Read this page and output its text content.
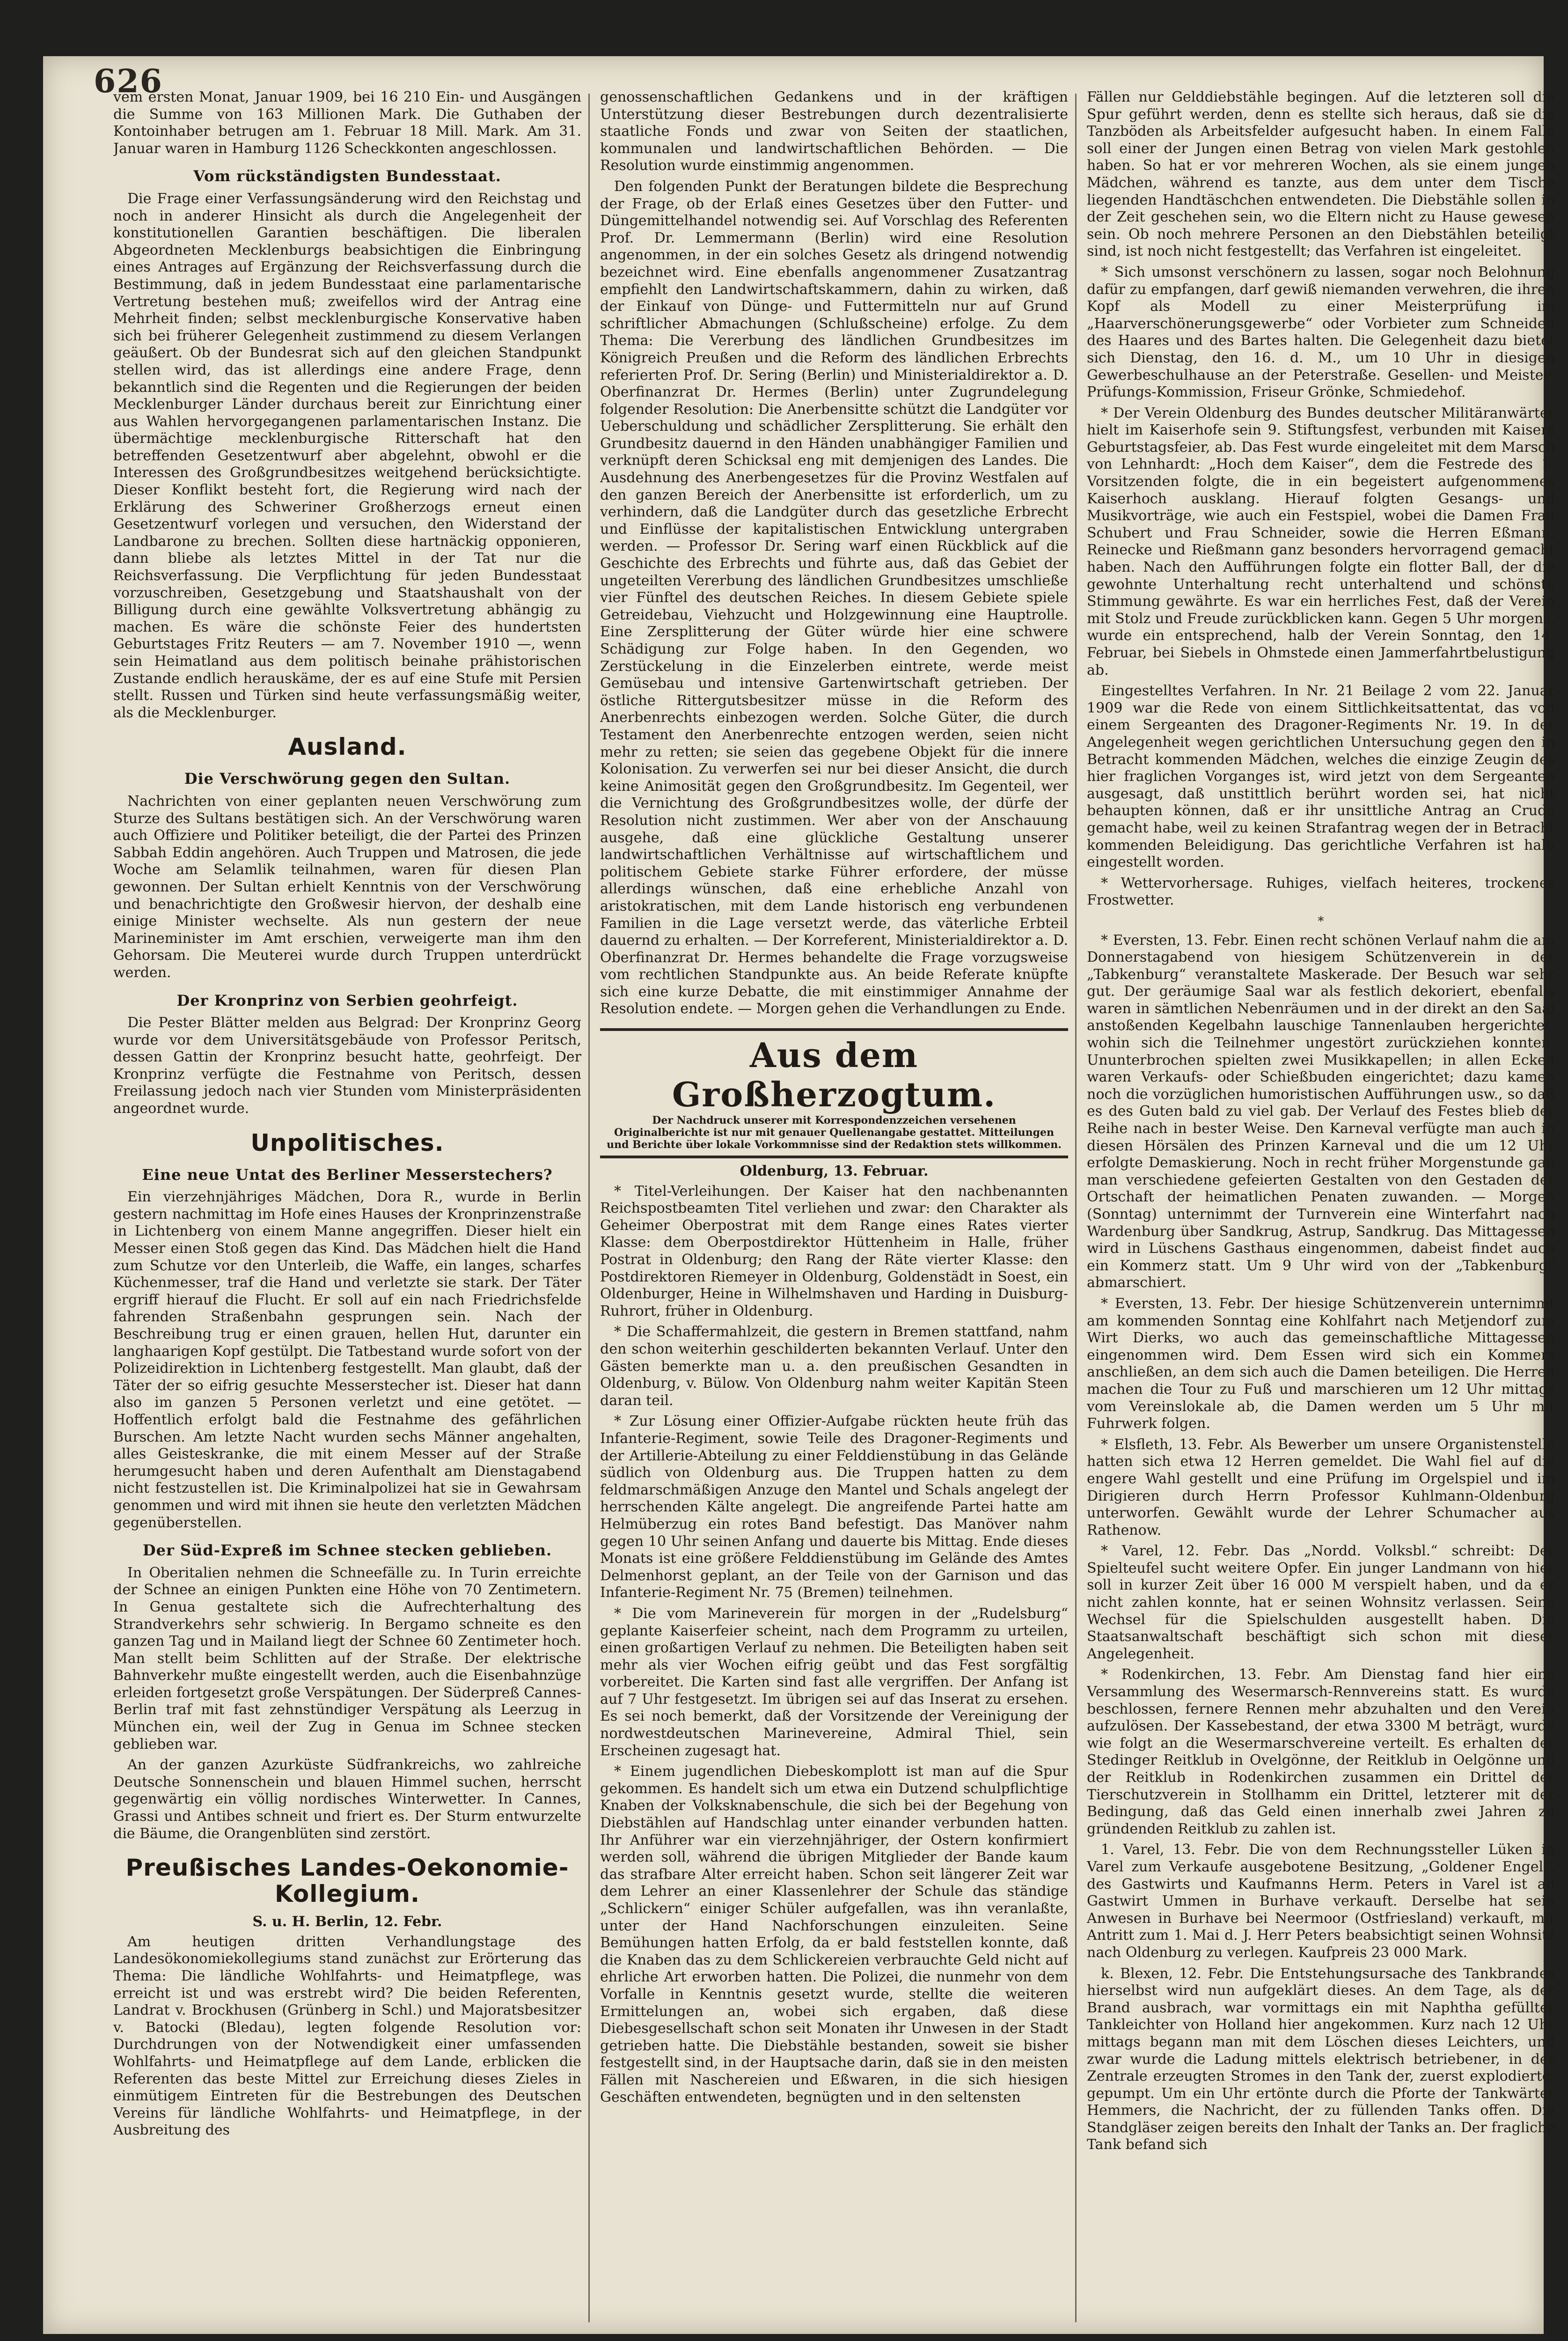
626

vem ersten Monat, Januar 1909, bei 16 210 Ein- und Ausgängen die Summe von 163 Millionen Mark. Die Guthaben der Kontoinhaber betrugen am 1. Februar 18 Mill. Mark. Am 31. Januar waren in Hamburg 1126 Scheckkonten angeschlossen.

Vom rückständigsten Bundesstaat.

Die Frage einer Verfassungsänderung wird den Reichstag und noch in anderer Hinsicht als durch die Angelegenheit der konstitutionellen Garantien beschäftigen. Die liberalen Abgeordneten Mecklenburgs beabsichtigen die Einbringung eines Antrages auf Ergänzung der Reichsverfassung durch die Bestimmung, daß in jedem Bundesstaat eine parlamentarische Vertretung bestehen muß; zweifellos wird der Antrag eine Mehrheit finden; selbst mecklenburgische Konservative haben sich bei früherer Gelegenheit zustimmend zu diesem Verlangen geäußert. Ob der Bundesrat sich auf den gleichen Standpunkt stellen wird, das ist allerdings eine andere Frage, denn bekanntlich sind die Regenten und die Regierungen der beiden Mecklenburger Länder durchaus bereit zur Einrichtung einer aus Wahlen hervorgegangenen parlamentarischen Instanz. Die übermächtige mecklenburgische Ritterschaft hat den betreffenden Gesetzentwurf aber abgelehnt, obwohl er die Interessen des Großgrundbesitzes weitgehend berücksichtigte. Dieser Konflikt besteht fort, die Regierung wird nach der Erklärung des Schweriner Großherzogs erneut einen Gesetzentwurf vorlegen und versuchen, den Widerstand der Landbarone zu brechen. Sollten diese hartnäckig opponieren, dann bliebe als letztes Mittel in der Tat nur die Reichsverfassung. Die Verpflichtung für jeden Bundesstaat vorzuschreiben, Gesetzgebung und Staatshaushalt von der Billigung durch eine gewählte Volksvertretung abhängig zu machen. Es wäre die schönste Feier des hundertsten Geburtstages Fritz Reuters — am 7. November 1910 —, wenn sein Heimatland aus dem politisch beinahe prähistorischen Zustande endlich herauskäme, der es auf eine Stufe mit Persien stellt. Russen und Türken sind heute verfassungsmäßig weiter, als die Mecklenburger.

Ausland.
Die Verschwörung gegen den Sultan.

Nachrichten von einer geplanten neuen Verschwörung zum Sturze des Sultans bestätigen sich. An der Verschwörung waren auch Offiziere und Politiker beteiligt, die der Partei des Prinzen Sabbah Eddin angehören. Auch Truppen und Matrosen, die jede Woche am Selamlik teilnahmen, waren für diesen Plan gewonnen. Der Sultan erhielt Kenntnis von der Verschwörung und benachrichtigte den Großwesir hiervon, der deshalb eine einige Minister wechselte. Als nun gestern der neue Marineminister im Amt erschien, verweigerte man ihm den Gehorsam. Die Meuterei wurde durch Truppen unterdrückt werden.

Der Kronprinz von Serbien geohrfeigt.

Die Pester Blätter melden aus Belgrad: Der Kronprinz Georg wurde vor dem Universitätsgebäude von Professor Peritsch, dessen Gattin der Kronprinz besucht hatte, geohrfeigt. Der Kronprinz verfügte die Festnahme von Peritsch, dessen Freilassung jedoch nach vier Stunden vom Ministerpräsidenten angeordnet wurde.

Unpolitisches.
Eine neue Untat des Berliner Messerstechers?

Ein vierzehnjähriges Mädchen, Dora R., wurde in Berlin gestern nachmittag im Hofe eines Hauses der Kronprinzenstraße in Lichtenberg von einem Manne angegriffen. Dieser hielt ein Messer einen Stoß gegen das Kind. Das Mädchen hielt die Hand zum Schutze vor den Unterleib, die Waffe, ein langes, scharfes Küchenmesser, traf die Hand und verletzte sie stark. Der Täter ergriff hierauf die Flucht. Er soll auf ein nach Friedrichsfelde fahrenden Straßenbahn gesprungen sein. Nach der Beschreibung trug er einen grauen, hellen Hut, darunter ein langhaarigen Kopf gestülpt. Die Tatbestand wurde sofort von der Polizeidirektion in Lichtenberg festgestellt. Man glaubt, daß der Täter der so eifrig gesuchte Messerstecher ist. Dieser hat dann also im ganzen 5 Personen verletzt und eine getötet. — Hoffentlich erfolgt bald die Festnahme des gefährlichen Burschen. Am letzte Nacht wurden sechs Männer angehalten, alles Geisteskranke, die mit einem Messer auf der Straße herumgesucht haben und deren Aufenthalt am Dienstagabend nicht festzustellen ist. Die Kriminalpolizei hat sie in Gewahrsam genommen und wird mit ihnen sie heute den verletzten Mädchen gegenüberstellen.

Der Süd-Expreß im Schnee stecken geblieben.

In Oberitalien nehmen die Schneefälle zu. In Turin erreichte der Schnee an einigen Punkten eine Höhe von 70 Zentimetern. In Genua gestaltete sich die Aufrechterhaltung des Strandverkehrs sehr schwierig. In Bergamo schneite es den ganzen Tag und in Mailand liegt der Schnee 60 Zentimeter hoch. Man stellt beim Schlitten auf der Straße. Der elektrische Bahnverkehr mußte eingestellt werden, auch die Eisenbahnzüge erleiden fortgesetzt große Verspätungen. Der Süderpreß Cannes-Berlin traf mit fast zehnstündiger Verspätung als Leerzug in München ein, weil der Zug in Genua im Schnee stecken geblieben war.

An der ganzen Azurküste Südfrankreichs, wo zahlreiche Deutsche Sonnenschein und blauen Himmel suchen, herrscht gegenwärtig ein völlig nordisches Winterwetter. In Cannes, Grassi und Antibes schneit und friert es. Der Sturm entwurzelte die Bäume, die Orangenblüten sind zerstört.

Preußisches Landes-Oekonomie-Kollegium.
S. u. H. Berlin, 12. Febr.

Am heutigen dritten Verhandlungstage des Landesökonomiekollegiums stand zunächst zur Erörterung das Thema: Die ländliche Wohlfahrts- und Heimatpflege, was erreicht ist und was erstrebt wird? Die beiden Referenten, Landrat v. Brockhusen (Grünberg in Schl.) und Majoratsbesitzer v. Batocki (Bledau), legten folgende Resolution vor: Durchdrungen von der Notwendigkeit einer umfassenden Wohlfahrts- und Heimatpflege auf dem Lande, erblicken die Referenten das beste Mittel zur Erreichung dieses Zieles in einmütigem Eintreten für die Bestrebungen des Deutschen Vereins für ländliche Wohlfahrts- und Heimatpflege, in der Ausbreitung des

genossenschaftlichen Gedankens und in der kräftigen Unterstützung dieser Bestrebungen durch dezentralisierte staatliche Fonds und zwar von Seiten der staatlichen, kommunalen und landwirtschaftlichen Behörden. — Die Resolution wurde einstimmig angenommen.

Den folgenden Punkt der Beratungen bildete die Besprechung der Frage, ob der Erlaß eines Gesetzes über den Futter- und Düngemittelhandel notwendig sei. Auf Vorschlag des Referenten Prof. Dr. Lemmermann (Berlin) wird eine Resolution angenommen, in der ein solches Gesetz als dringend notwendig bezeichnet wird. Eine ebenfalls angenommener Zusatzantrag empfiehlt den Landwirtschaftskammern, dahin zu wirken, daß der Einkauf von Dünge- und Futtermitteln nur auf Grund schriftlicher Abmachungen (Schlußscheine) erfolge. Zu dem Thema: Die Vererbung des ländlichen Grundbesitzes im Königreich Preußen und die Reform des ländlichen Erbrechts referierten Prof. Dr. Sering (Berlin) und Ministerialdirektor a. D. Oberfinanzrat Dr. Hermes (Berlin) unter Zugrundelegung folgender Resolution: Die Anerbensitte schützt die Landgüter vor Ueberschuldung und schädlicher Zersplitterung. Sie erhält den Grundbesitz dauernd in den Händen unabhängiger Familien und verknüpft deren Schicksal eng mit demjenigen des Landes. Die Ausdehnung des Anerbengesetzes für die Provinz Westfalen auf den ganzen Bereich der Anerbensitte ist erforderlich, um zu verhindern, daß die Landgüter durch das gesetzliche Erbrecht und Einflüsse der kapitalistischen Entwicklung untergraben werden. — Professor Dr. Sering warf einen Rückblick auf die Geschichte des Erbrechts und führte aus, daß das Gebiet der ungeteilten Vererbung des ländlichen Grundbesitzes umschließe vier Fünftel des deutschen Reiches. In diesem Gebiete spiele Getreidebau, Viehzucht und Holzgewinnung eine Hauptrolle. Eine Zersplitterung der Güter würde hier eine schwere Schädigung zur Folge haben. In den Gegenden, wo Zerstückelung in die Einzelerben eintrete, werde meist Gemüsebau und intensive Gartenwirtschaft getrieben. Der östliche Rittergutsbesitzer müsse in die Reform des Anerbenrechts einbezogen werden. Solche Güter, die durch Testament den Anerbenrechte entzogen werden, seien nicht mehr zu retten; sie seien das gegebene Objekt für die innere Kolonisation. Zu verwerfen sei nur bei dieser Ansicht, die durch keine Animosität gegen den Großgrundbesitz. Im Gegenteil, wer die Vernichtung des Großgrundbesitzes wolle, der dürfe der Resolution nicht zustimmen. Wer aber von der Anschauung ausgehe, daß eine glückliche Gestaltung unserer landwirtschaftlichen Verhältnisse auf wirtschaftlichem und politischem Gebiete starke Führer erfordere, der müsse allerdings wünschen, daß eine erhebliche Anzahl von aristokratischen, mit dem Lande historisch eng verbundenen Familien in die Lage versetzt werde, das väterliche Erbteil dauernd zu erhalten. — Der Korreferent, Ministerialdirektor a. D. Oberfinanzrat Dr. Hermes behandelte die Frage vorzugsweise vom rechtlichen Standpunkte aus. An beide Referate knüpfte sich eine kurze Debatte, die mit einstimmiger Annahme der Resolution endete. — Morgen gehen die Verhandlungen zu Ende.

Aus dem Großherzogtum.
Der Nachdruck unserer mit Korrespondenzzeichen versehenen Originalberichte ist nur mit genauer Quellenangabe gestattet. Mitteilungen und Berichte über lokale Vorkommnisse sind der Redaktion stets willkommen.
Oldenburg, 13. Februar.

* Titel-Verleihungen. Der Kaiser hat den nachbenannten Reichspostbeamten Titel verliehen und zwar: den Charakter als Geheimer Oberpostrat mit dem Range eines Rates vierter Klasse: dem Oberpostdirektor Hüttenheim in Halle, früher Postrat in Oldenburg; den Rang der Räte vierter Klasse: den Postdirektoren Riemeyer in Oldenburg, Goldenstädt in Soest, ein Oldenburger, Heine in Wilhelmshaven und Harding in Duisburg-Ruhrort, früher in Oldenburg.

* Die Schaffermahlzeit, die gestern in Bremen stattfand, nahm den schon weiterhin geschilderten bekannten Verlauf. Unter den Gästen bemerkte man u. a. den preußischen Gesandten in Oldenburg, v. Bülow. Von Oldenburg nahm weiter Kapitän Steen daran teil.

* Zur Lösung einer Offizier-Aufgabe rückten heute früh das Infanterie-Regiment, sowie Teile des Dragoner-Regiments und der Artillerie-Abteilung zu einer Felddienstübung in das Gelände südlich von Oldenburg aus. Die Truppen hatten zu dem feldmarschmäßigen Anzuge den Mantel und Schals angelegt der herrschenden Kälte angelegt. Die angreifende Partei hatte am Helmüberzug ein rotes Band befestigt. Das Manöver nahm gegen 10 Uhr seinen Anfang und dauerte bis Mittag. Ende dieses Monats ist eine größere Felddienstübung im Gelände des Amtes Delmenhorst geplant, an der Teile von der Garnison und das Infanterie-Regiment Nr. 75 (Bremen) teilnehmen.

* Die vom Marineverein für morgen in der „Rudelsburg“ geplante Kaiserfeier scheint, nach dem Programm zu urteilen, einen großartigen Verlauf zu nehmen. Die Beteiligten haben seit mehr als vier Wochen eifrig geübt und das Fest sorgfältig vorbereitet. Die Karten sind fast alle vergriffen. Der Anfang ist auf 7 Uhr festgesetzt. Im übrigen sei auf das Inserat zu ersehen. Es sei noch bemerkt, daß der Vorsitzende der Vereinigung der nordwestdeutschen Marinevereine, Admiral Thiel, sein Erscheinen zugesagt hat.

* Einem jugendlichen Diebeskomplott ist man auf die Spur gekommen. Es handelt sich um etwa ein Dutzend schulpflichtige Knaben der Volksknabenschule, die sich bei der Begehung von Diebstählen auf Handschlag unter einander verbunden hatten. Ihr Anführer war ein vierzehnjähriger, der Ostern konfirmiert werden soll, während die übrigen Mitglieder der Bande kaum das strafbare Alter erreicht haben. Schon seit längerer Zeit war dem Lehrer an einer Klassenlehrer der Schule das ständige „Schlickern“ einiger Schüler aufgefallen, was ihn veranlaßte, unter der Hand Nachforschungen einzuleiten. Seine Bemühungen hatten Erfolg, da er bald feststellen konnte, daß die Knaben das zu dem Schlickereien verbrauchte Geld nicht auf ehrliche Art erworben hatten. Die Polizei, die nunmehr von dem Vorfalle in Kenntnis gesetzt wurde, stellte die weiteren Ermittelungen an, wobei sich ergaben, daß diese Diebesgesellschaft schon seit Monaten ihr Unwesen in der Stadt getrieben hatte. Die Diebstähle bestanden, soweit sie bisher festgestellt sind, in der Hauptsache darin, daß sie in den meisten Fällen mit Naschereien und Eßwaren, in die sich hiesigen Geschäften entwendeten, begnügten und in den seltensten

Fällen nur Gelddiebstähle begingen. Auf die letzteren soll die Spur geführt werden, denn es stellte sich heraus, daß sie die Tanzböden als Arbeitsfelder aufgesucht haben. In einem Falle soll einer der Jungen einen Betrag von vielen Mark gestohlen haben. So hat er vor mehreren Wochen, als sie einem jungen Mädchen, während es tanzte, aus dem unter dem Tische liegenden Handtäschchen entwendeten. Die Diebstähle sollen in der Zeit geschehen sein, wo die Eltern nicht zu Hause gewesen sein. Ob noch mehrere Personen an den Diebstählen beteiligt sind, ist noch nicht festgestellt; das Verfahren ist eingeleitet.

* Sich umsonst verschönern zu lassen, sogar noch Belohnung dafür zu empfangen, darf gewiß niemanden verwehren, die ihren Kopf als Modell zu einer Meisterprüfung im „Haarverschönerungsgewerbe“ oder Vorbieter zum Schneiden des Haares und des Bartes halten. Die Gelegenheit dazu bietet sich Dienstag, den 16. d. M., um 10 Uhr in diesigen Gewerbeschulhause an der Peterstraße. Gesellen- und Meister-Prüfungs-Kommission, Friseur Grönke, Schmiedehof.

* Der Verein Oldenburg des Bundes deutscher Militäranwärter hielt im Kaiserhofe sein 9. Stiftungsfest, verbunden mit Kaisers Geburtstagsfeier, ab. Das Fest wurde eingeleitet mit dem Marsch von Lehnhardt: „Hoch dem Kaiser“, dem die Festrede des 1. Vorsitzenden folgte, die in ein begeistert aufgenommenes Kaiserhoch ausklang. Hierauf folgten Gesangs- und Musikvorträge, wie auch ein Festspiel, wobei die Damen Frau Schubert und Frau Schneider, sowie die Herren Eßmann, Reinecke und Rießmann ganz besonders hervorragend gemacht haben. Nach den Aufführungen folgte ein flotter Ball, der die gewohnte Unterhaltung recht unterhaltend und schönste Stimmung gewährte. Es war ein herrliches Fest, daß der Verein mit Stolz und Freude zurückblicken kann. Gegen 5 Uhr morgens, wurde ein entsprechend, halb der Verein Sonntag, den 14. Februar, bei Siebels in Ohmstede einen Jammerfahrtbelustigung ab.

Eingestelltes Verfahren. In Nr. 21 Beilage 2 vom 22. Januar 1909 war die Rede von einem Sittlichkeitsattentat, das von einem Sergeanten des Dragoner-Regiments Nr. 19. In der Angelegenheit wegen gerichtlichen Untersuchung gegen den in Betracht kommenden Mädchen, welches die einzige Zeugin des hier fraglichen Vorganges ist, wird jetzt von dem Sergeanten ausgesagt, daß unstittlich berührt worden sei, hat nicht behaupten können, daß er ihr unsittliche Antrag an Crude gemacht habe, weil zu keinen Strafantrag wegen der in Betracht kommenden Beleidigung. Das gerichtliche Verfahren ist halb eingestellt worden.

* Wettervorhersage. Ruhiges, vielfach heiteres, trockenes Frostwetter.

*

* Eversten, 13. Febr. Einen recht schönen Verlauf nahm die am Donnerstagabend von hiesigem Schützenverein in der „Tabkenburg“ veranstaltete Maskerade. Der Besuch war sehr gut. Der geräumige Saal war als festlich dekoriert, ebenfalls waren in sämtlichen Nebenräumen und in der direkt an den Saal anstoßenden Kegelbahn lauschige Tannenlauben hergerichtet, wohin sich die Teilnehmer ungestört zurückziehen konnten. Ununterbrochen spielten zwei Musikkapellen; in allen Ecken waren Verkaufs- oder Schießbuden eingerichtet; dazu kamen noch die vorzüglichen humoristischen Aufführungen usw., so daß es des Guten bald zu viel gab. Der Verlauf des Festes blieb der Reihe nach in bester Weise. Den Karneval verfügte man auch in diesen Hörsälen des Prinzen Karneval und die um 12 Uhr erfolgte Demaskierung. Noch in recht früher Morgenstunde gab man verschiedene gefeierten Gestalten von den Gestaden der Ortschaft der heimatlichen Penaten zuwanden. — Morgen (Sonntag) unternimmt der Turnverein eine Winterfahrt nach Wardenburg über Sandkrug, Astrup, Sandkrug. Das Mittagessen wird in Lüschens Gasthaus eingenommen, dabeist findet auch ein Kommerz statt. Um 9 Uhr wird von der „Tabkenburg“ abmarschiert.

* Eversten, 13. Febr. Der hiesige Schützenverein unternimmt am kommenden Sonntag eine Kohlfahrt nach Metjendorf zum Wirt Dierks, wo auch das gemeinschaftliche Mittagessen eingenommen wird. Dem Essen wird sich ein Kommers anschließen, an dem sich auch die Damen beteiligen. Die Herren machen die Tour zu Fuß und marschieren um 12 Uhr mittags vom Vereinslokale ab, die Damen werden um 5 Uhr mit Fuhrwerk folgen.

* Elsfleth, 13. Febr. Als Bewerber um unsere Organistenstelle hatten sich etwa 12 Herren gemeldet. Die Wahl fiel auf die engere Wahl gestellt und eine Prüfung im Orgelspiel und im Dirigieren durch Herrn Professor Kuhlmann-Oldenburg unterworfen. Gewählt wurde der Lehrer Schumacher aus Rathenow.

* Varel, 12. Febr. Das „Nordd. Volksbl.“ schreibt: Der Spielteufel sucht weitere Opfer. Ein junger Landmann von hier soll in kurzer Zeit über 16 000 M verspielt haben, und da er nicht zahlen konnte, hat er seinen Wohnsitz verlassen. Seine Wechsel für die Spielschulden ausgestellt haben. Die Staatsanwaltschaft beschäftigt sich schon mit dieser Angelegenheit.

* Rodenkirchen, 13. Febr. Am Dienstag fand hier eine Versammlung des Wesermarsch-Rennvereins statt. Es wurde beschlossen, fernere Rennen mehr abzuhalten und den Verein aufzulösen. Der Kassebestand, der etwa 3300 M beträgt, wurde wie folgt an die Wesermarschvereine verteilt. Es erhalten der Stedinger Reitklub in Ovelgönne, der Reitklub in Oelgönne und der Reitklub in Rodenkirchen zusammen ein Drittel der Tierschutzverein in Stollhamm ein Drittel, letzterer mit der Bedingung, daß das Geld einen innerhalb zwei Jahren zu gründenden Reitklub zu zahlen ist.

1. Varel, 13. Febr. Die von dem Rechnungssteller Lüken in Varel zum Verkaufe ausgebotene Besitzung, „Goldener Engel“, des Gastwirts und Kaufmanns Herm. Peters in Varel ist an Gastwirt Ummen in Burhave verkauft. Derselbe hat sein Anwesen in Burhave bei Neermoor (Ostfriesland) verkauft, mit Antritt zum 1. Mai d. J. Herr Peters beabsichtigt seinen Wohnsitz nach Oldenburg zu verlegen. Kaufpreis 23 000 Mark.

k. Blexen, 12. Febr. Die Entstehungsursache des Tankbrandes hierselbst wird nun aufgeklärt dieses. An dem Tage, als der Brand ausbrach, war vormittags ein mit Naphtha gefüllter Tankleichter von Holland hier angekommen. Kurz nach 12 Uhr mittags begann man mit dem Löschen dieses Leichters, und zwar wurde die Ladung mittels elektrisch betriebener, in der Zentrale erzeugten Stromes in den Tank der, zuerst explodierte, gepumpt. Um ein Uhr ertönte durch die Pforte der Tankwärter Hemmers, die Nachricht, der zu füllenden Tanks offen. Die Standgläser zeigen bereits den Inhalt der Tanks an. Der fragliche Tank befand sich
